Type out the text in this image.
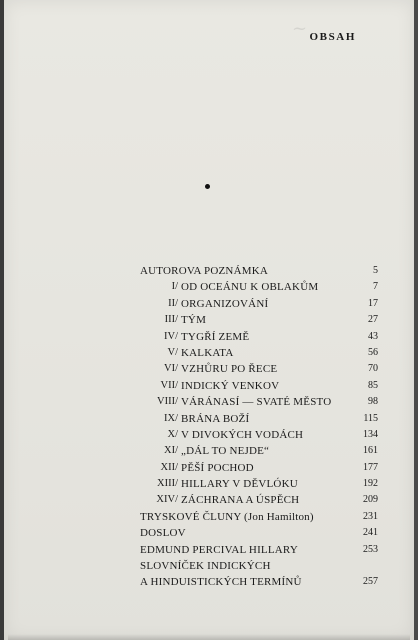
~ OBSAH
AUTOROVA POZNÁMKA	5
I/ OD OCEÁNU K OBLAKŮM	7
II/ ORGANIZOVÁNÍ	17
III/ TÝM	27
IV/ TYGŘÍ ZEMĚ	43
V/ KALKATA	56
VI/ VZHŮRU PO ŘECE	70
VII/ INDICKÝ VENKOV	85
VIII/ VÁRÁNASÍ — SVATÉ MĚSTO	98
IX/ BRÁNA BOŽÍ	115
X/ V DIVOKÝCH VODÁCH	134
XI/ „DÁL TO NEJDE“	161
XII/ PĚŠÍ POCHOD	177
XIII/ HILLARY V DĚVLÓKU	192
XIV/ ZÁCHRANA A ÚSPĚCH	209
TRYSKOVÉ ČLUNY (Jon Hamilton)	231
DOSLOV	241
EDMUND PERCIVAL HILLARY	253
SLOVNÍČEK INDICKÝCH
A HINDUISTICKÝCH TERMÍNŮ	257
